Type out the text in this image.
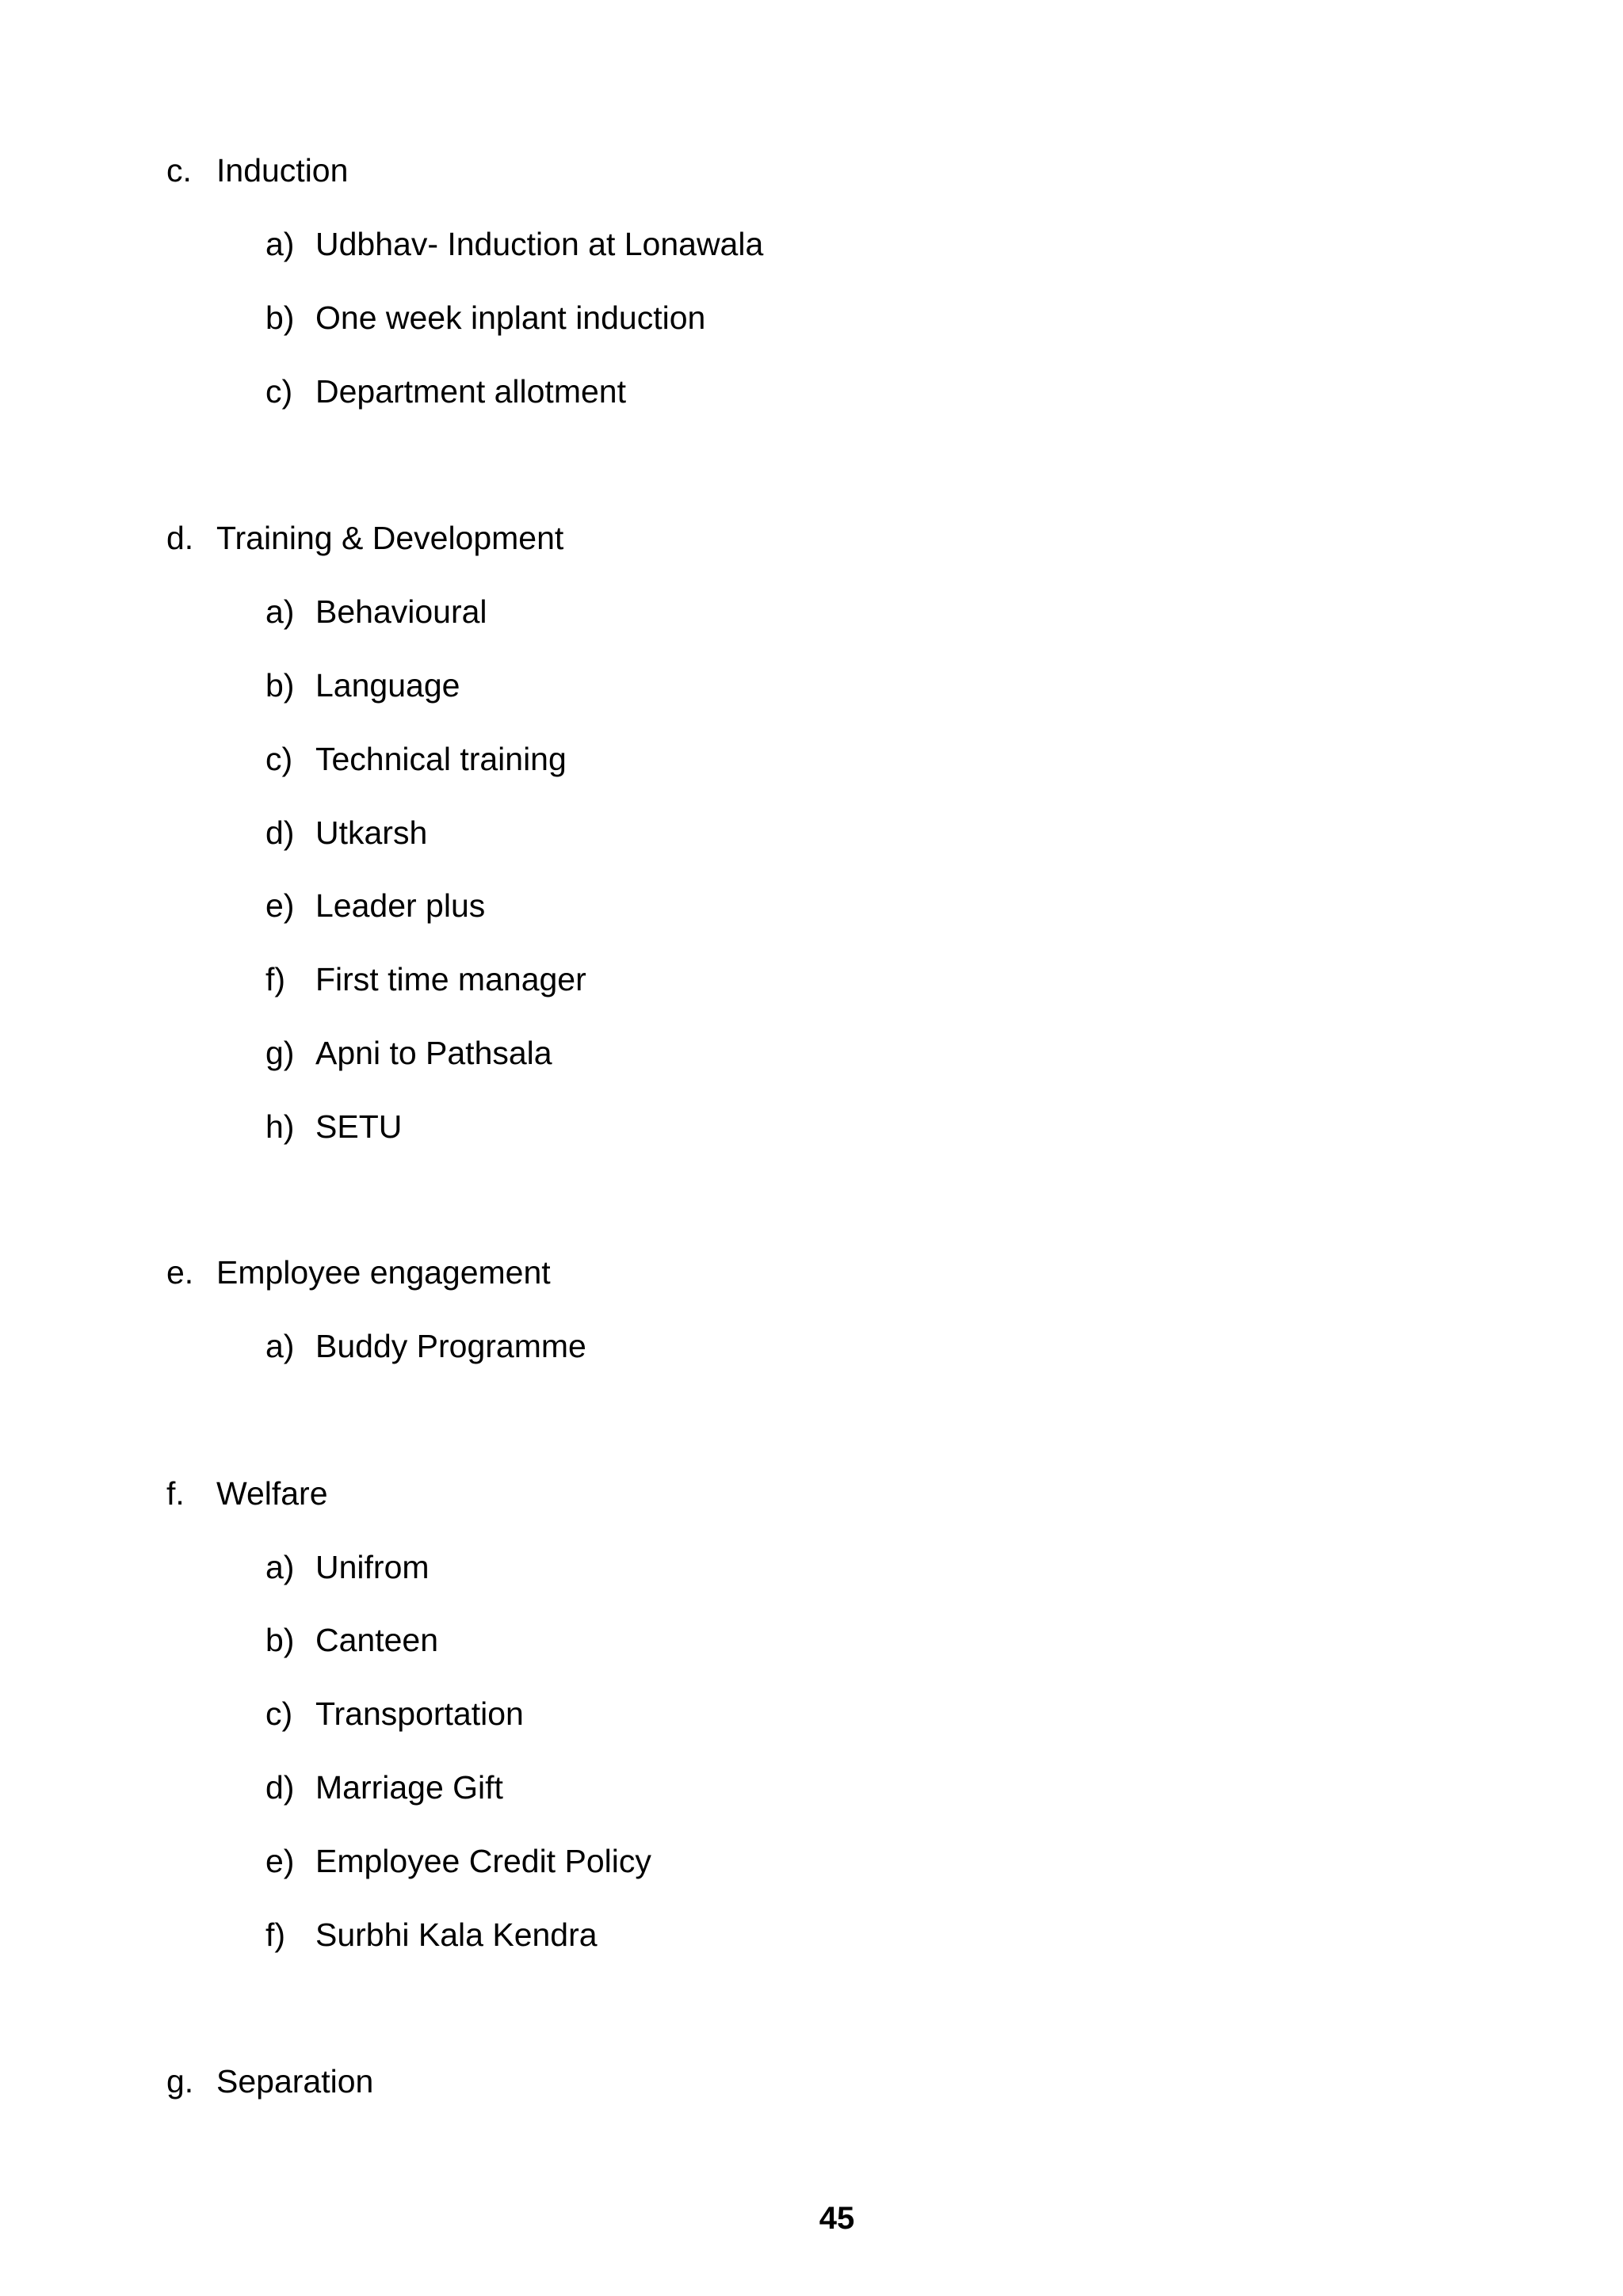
c. Induction
a) Udbhav- Induction at Lonawala
b) One week inplant induction
c) Department allotment
d. Training & Development
a) Behavioural
b) Language
c) Technical training
d) Utkarsh
e) Leader plus
f) First time manager
g) Apni to Pathsala
h) SETU
e. Employee engagement
a) Buddy Programme
f. Welfare
a) Unifrom
b) Canteen
c) Transportation
d) Marriage Gift
e) Employee Credit Policy
f) Surbhi Kala Kendra
g. Separation
45
